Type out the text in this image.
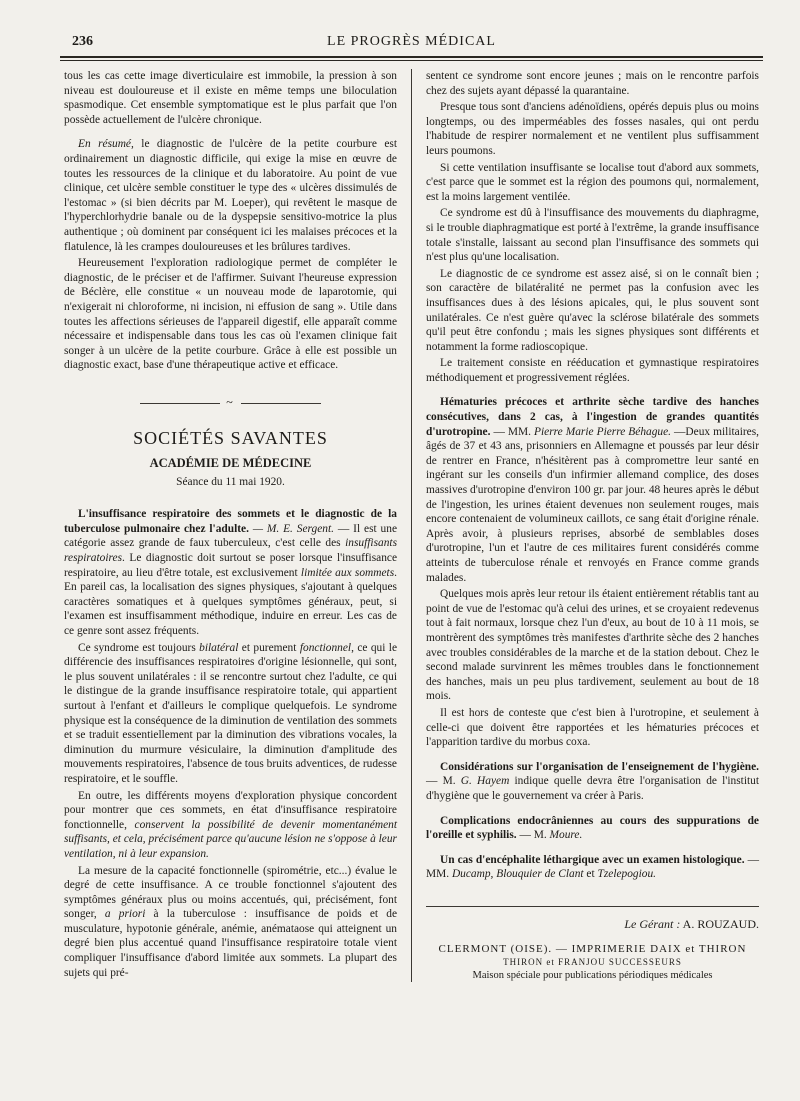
236	LE PROGRÈS MÉDICAL

tous les cas cette image diverticulaire est immobile, la pression à son niveau est douloureuse et il existe en même temps une biloculation spasmodique. Cet ensemble symptomatique est le plus parfait que l'on possède actuellement de l'ulcère chronique.

En résumé, le diagnostic de l'ulcère de la petite courbure est ordinairement un diagnostic difficile, qui exige la mise en œuvre de toutes les ressources de la clinique et du laboratoire. Au point de vue clinique, cet ulcère semble constituer le type des « ulcères dissimulés de l'estomac » (si bien décrits par M. Loeper), qui revêtent le masque de l'hyperchlorhydrie banale ou de la dyspepsie sensitivo-motrice la plus authentique ; où dominent par conséquent ici les malaises précoces et la flatulence, là les crampes douloureuses et les brûlures tardives.

Heureusement l'exploration radiologique permet de compléter le diagnostic, de le préciser et de l'affirmer. Suivant l'heureuse expression de Béclère, elle constitue « un nouveau mode de laparotomie, qui n'exigerait ni chloroforme, ni incision, ni effusion de sang ». Utile dans toutes les affections sérieuses de l'appareil digestif, elle apparaît comme nécessaire et indispensable dans tous les cas où l'examen clinique fait songer à un ulcère de la petite courbure. Grâce à elle est possible un diagnostic exact, base d'une thérapeutique active et efficace.

~
SOCIÉTÉS SAVANTES
ACADÉMIE DE MÉDECINE
Séance du 11 mai 1920.

L'insuffisance respiratoire des sommets et le diagnostic de la tuberculose pulmonaire chez l'adulte. — M. E. Sergent. — Il est une catégorie assez grande de faux tuberculeux, c'est celle des insuffisants respiratoires. Le diagnostic doit surtout se poser lorsque l'insuffisance respiratoire, au lieu d'être totale, est exclusivement limitée aux sommets. En pareil cas, la localisation des signes physiques, s'ajoutant à quelques caractères somatiques et à quelques symptômes généraux, peut, si l'examen est insuffisamment méthodique, induire en erreur. Les cas de ce genre sont assez fréquents.

Ce syndrome est toujours bilatéral et purement fonctionnel, ce qui le différencie des insuffisances respiratoires d'origine lésionnelle, qui sont, le plus souvent unilatérales : il se rencontre surtout chez l'adulte, ce qui le distingue de la grande insuffisance respiratoire totale, qui appartient surtout à l'enfant et d'ailleurs le complique quelquefois. Le syndrome physique est la conséquence de la diminution de ventilation des sommets et se traduit essentiellement par la diminution des vibrations vocales, la diminution du murmure vésiculaire, la diminution d'amplitude des mouvements respiratoires, l'absence de tous bruits adventices, de rudesse respiratoire, et le souffle.

En outre, les différents moyens d'exploration physique concordent pour montrer que ces sommets, en état d'insuffisance respiratoire fonctionnelle, conservent la possibilité de devenir momentanément suffisants, et cela, précisément parce qu'aucune lésion ne s'oppose à leur ventilation, ni à leur expansion.

La mesure de la capacité fonctionnelle (spirométrie, etc...) évalue le degré de cette insuffisance. A ce trouble fonctionnel s'ajoutent des symptômes généraux plus ou moins accentués, qui, précisément, font songer, a priori à la tuberculose : insuffisance de poids et de musculature, hypotonie générale, anémie, anémataose qui atteignent un degré bien plus accentué quand l'insuffisance respiratoire totale vient compliquer l'insuffisance d'abord limitée aux sommets. La plupart des sujets qui pré-

sentent ce syndrome sont encore jeunes ; mais on le rencontre parfois chez des sujets ayant dépassé la quarantaine.

Presque tous sont d'anciens adénoïdiens, opérés depuis plus ou moins longtemps, ou des imperméables des fosses nasales, qui ont perdu l'habitude de respirer normalement et ne ventilent plus suffisamment leurs poumons.

Si cette ventilation insuffisante se localise tout d'abord aux sommets, c'est parce que le sommet est la région des poumons qui, normalement, est la moins largement ventilée.

Ce syndrome est dû à l'insuffisance des mouvements du diaphragme, si le trouble diaphragmatique est porté à l'extrême, la grande insuffisance totale s'installe, laissant au second plan l'insuffisance des sommets qui n'est plus qu'une localisation.

Le diagnostic de ce syndrome est assez aisé, si on le connaît bien ; son caractère de bilatéralité ne permet pas la confusion avec les insuffisances dues à des lésions apicales, qui, le plus souvent sont unilatérales. Ce n'est guère qu'avec la sclérose bilatérale des sommets qu'il peut être confondu ; mais les signes physiques sont différents et notamment la forme radioscopique.

Le traitement consiste en rééducation et gymnastique respiratoires méthodiquement et progressivement réglées.

Hématuries précoces et arthrite sèche tardive des hanches consécutives, dans 2 cas, à l'ingestion de grandes quantités d'urotropine. — MM. Pierre Marie Pierre Béhague. —Deux militaires, âgés de 37 et 43 ans, prisonniers en Allemagne et poussés par leur désir de rentrer en France, n'hésitèrent pas à compromettre leur santé en ingérant sur les conseils d'un infirmier allemand complice, des doses massives d'urotropine d'environ 100 gr. par jour. 48 heures après le début de l'ingestion, les urines étaient devenues non seulement rouges, mais encore contenaient de volumineux caillots, ce sang était d'origine rénale. Après avoir, à plusieurs reprises, absorbé de semblables doses d'urotropine, l'un et l'autre de ces militaires furent considérés comme atteints de tuberculose rénale et renvoyés en France comme grands malades.

Quelques mois après leur retour ils étaient entièrement rétablis tant au point de vue de l'estomac qu'à celui des urines, et se croyaient redevenus tout à fait normaux, lorsque chez l'un d'eux, au bout de 10 à 11 mois, se montrèrent des symptômes très manifestes d'arthrite sèche des 2 hanches avec troubles considérables de la marche et de la station debout. Chez le second malade survinrent les mêmes troubles dans le fonctionnement des hanches, mais un peu plus tardivement, seulement au bout de 18 mois.

Il est hors de conteste que c'est bien à l'urotropine, et seulement à celle-ci que doivent être rapportées et les hématuries précoces et l'apparition tardive du morbus coxa.

Considérations sur l'organisation de l'enseignement de l'hygiène. — M. G. Hayem indique quelle devra être l'organisation de l'institut d'hygiène que le gouvernement va créer à Paris.

Complications endocrâniennes au cours des suppurations de l'oreille et syphilis. — M. Moure.

Un cas d'encéphalite léthargique avec un examen histologique. — MM. Ducamp, Blouquier de Clant et Tzelepogiou.

Le Gérant : A. ROUZAUD.
CLERMONT (OISE). — IMPRIMERIE DAIX et THIRON
THIRON et FRANJOU SUCCESSEURS
Maison spéciale pour publications périodiques médicales
